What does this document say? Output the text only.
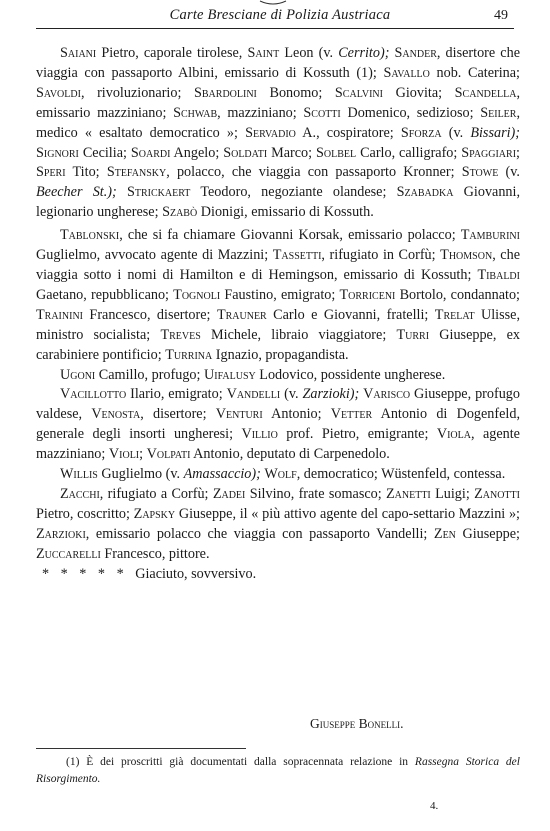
Carte Bresciane di Polizia Austriaca	49

Saiani Pietro, caporale tirolese, Saint Leon (v. Cerrito); Sander, disertore che viaggia con passaporto Albini, emissario di Kossuth (1); Savallo nob. Caterina; Savoldi, rivoluzionario; Sbardolini Bonomo; Scalvini Giovita; Scandella, emissario mazziniano; Schwab, mazziniano; Scotti Domenico, sedizioso; Seiler, medico « esaltato democratico »; Servadio A., cospiratore; Sforza (v. Bissari); Signori Cecilia; Soardi Angelo; Soldati Marco; Solbel Carlo, calligrafo; Spaggiari; Speri Tito; Stefansky, polacco, che viaggia con passaporto Kronner; Stowe (v. Beecher St.); Strickaert Teodoro, negoziante olandese; Szabadka Giovanni, legionario ungherese; Szabò Dionigi, emissario di Kossuth.

Tablonski, che si fa chiamare Giovanni Korsak, emissario polacco; Tamburini Guglielmo, avvocato agente di Mazzini; Tassetti, rifugiato in Corfù; Thomson, che viaggia sotto i nomi di Hamilton e di Hemingson, emissario di Kossuth; Tibaldi Gaetano, repubblicano; Tognoli Faustino, emigrato; Torriceni Bortolo, condannato; Trainini Francesco, disertore; Trauner Carlo e Giovanni, fratelli; Trelat Ulisse, ministro socialista; Treves Michele, libraio viaggiatore; Turri Giuseppe, ex carabiniere pontificio; Turrina Ignazio, propagandista.

Ugoni Camillo, profugo; Uifalusy Lodovico, possidente ungherese.

Vacillotto Ilario, emigrato; Vandelli (v. Zarzioki); Varisco Giuseppe, profugo valdese, Venosta, disertore; Venturi Antonio; Vetter Antonio di Dogenfeld, generale degli insorti ungheresi; Villio prof. Pietro, emigrante; Viola, agente mazziniano; Violi; Volpati Antonio, deputato di Carpenedolo.

Willis Guglielmo (v. Amassaccio); Wolf, democratico; Wüstenfeld, contessa.

Zacchi, rifugiato a Corfù; Zadei Silvino, frate somasco; Zanetti Luigi; Zanotti Pietro, coscritto; Zapsky Giuseppe, il « più attivo agente del capo-settario Mazzini »; Zarzioki, emissario polacco che viaggia con passaporto Vandelli; Zen Giuseppe; Zuccarelli Francesco, pittore.

* * * * * Giaciuto, sovversivo.

Giuseppe Bonelli.
(1) È dei proscritti già documentati dalla sopracennata relazione in Rassegna Storica del Risorgimento.
4.
